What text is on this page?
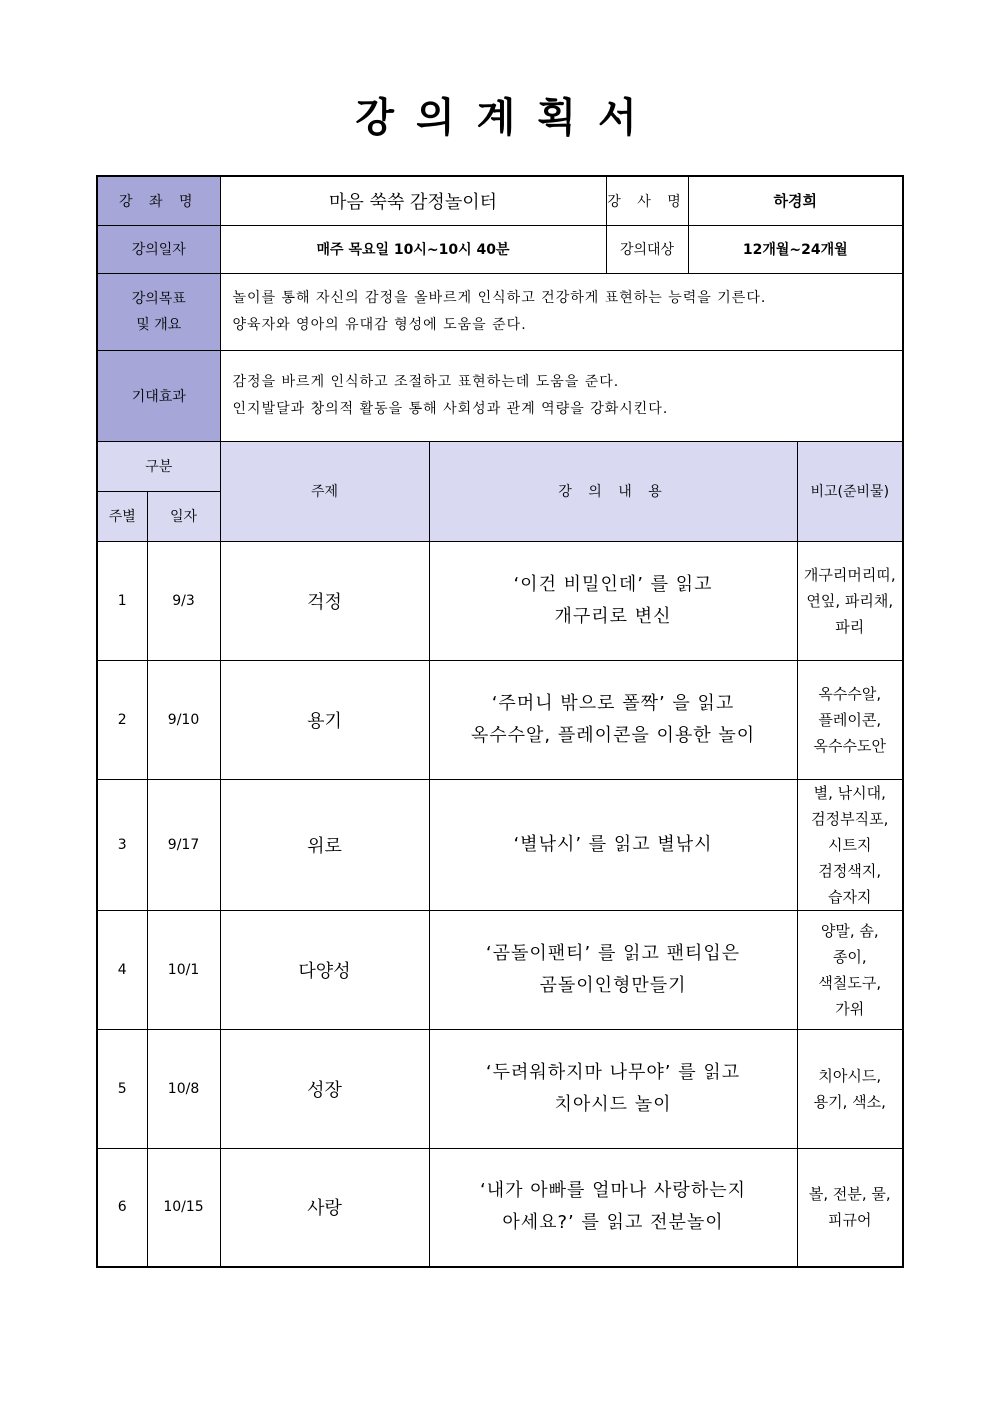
강의계획서
강 좌 명		마음 쑥쑥 감정놀이터		강 사 명	하경희	
강의일자		매주 목요일 10시~10시 40분		강의대상	12개월~24개월	

강의목표
및 개요		놀이를 통해 자신의 감정을 올바르게 인식하고 건강하게 표현하는 능력을 기른다.
양육자와 영아의 유대감 형성에 도움을 준다.				

기대효과		감정을 바르게 인식하고 조절하고 표현하는데 도움을 준다.
인지발달과 창의적 활동을 통해 사회성과 관계 역량을 강화시킨다.				

구분		주제	강 의 내 용			비고(준비물)
주별	일자					
1	9/3	걱정	‘이건 비밀인데’ 를 읽고
개구리로 변신			개구리머리띠,
연잎, 파리채,
파리

2	9/10	용기	‘주머니 밖으로 폴짝’ 을 읽고
옥수수알, 플레이콘을 이용한 놀이			옥수수알,
플레이콘,
옥수수도안

3	9/17	위로	‘별낚시’ 를 읽고 별낚시			별, 낚시대,
검정부직포,
시트지
검정색지,
습자지

4	10/1	다양성	‘곰돌이팬티’ 를 읽고 팬티입은
곰돌이인형만들기			양말, 솜,
종이,
색칠도구,
가위

5	10/8	성장	‘두려워하지마 나무야’ 를 읽고
치아시드 놀이			치아시드,
용기, 색소,

6	10/15	사랑	‘내가 아빠를 얼마나 사랑하는지
아세요?’ 를 읽고 전분놀이			볼, 전분, 물,
피규어
